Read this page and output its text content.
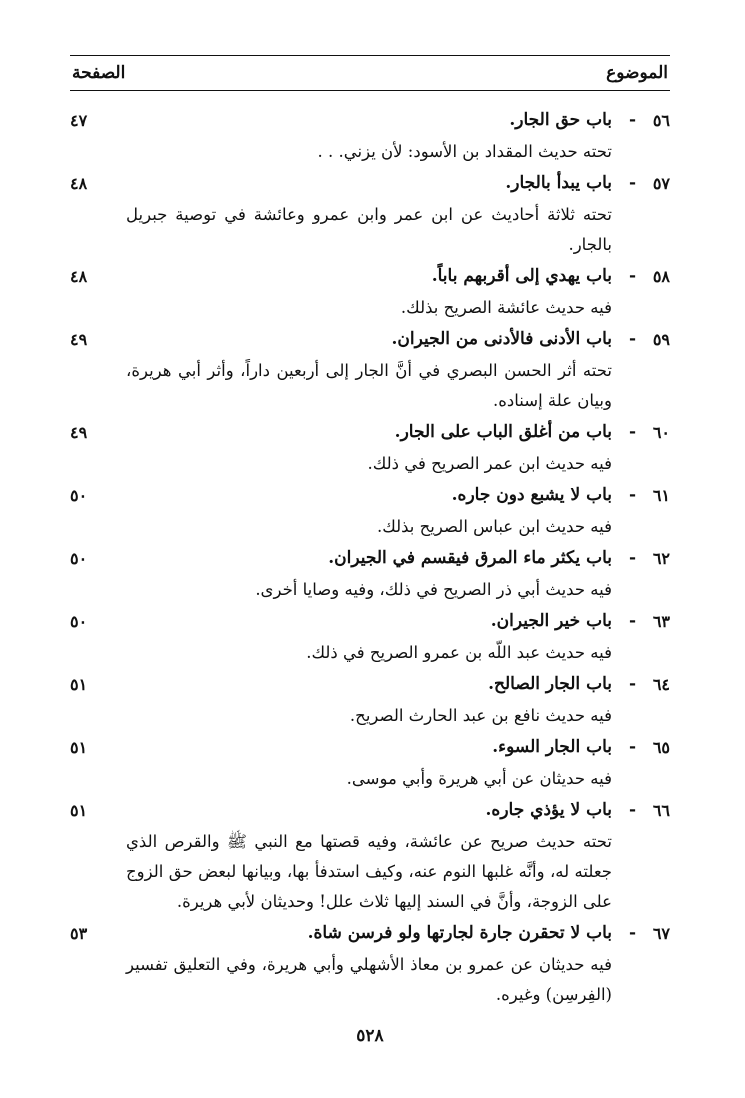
الموضوع
الصفحة
٥٦
-
باب حق الجار.
٤٧
تحته حديث المقداد بن الأسود: لأن يزني. . .
٥٧
-
باب يبدأ بالجار.
٤٨
تحته ثلاثة أحاديث عن ابن عمر وابن عمرو وعائشة في توصية جبريل بالجار.
٥٨
-
باب يهدي إلى أقربهم باباً.
٤٨
فيه حديث عائشة الصريح بذلك.
٥٩
-
باب الأدنى فالأدنى من الجيران.
٤٩
تحته أثر الحسن البصري في أنَّ الجار إلى أربعين داراً، وأثر أبي هريرة، وبيان علة إسناده.
٦٠
-
باب من أغلق الباب على الجار.
٤٩
فيه حديث ابن عمر الصريح في ذلك.
٦١
-
باب لا يشبع دون جاره.
٥٠
فيه حديث ابن عباس الصريح بذلك.
٦٢
-
باب يكثر ماء المرق فيقسم في الجيران.
٥٠
فيه حديث أبي ذر الصريح في ذلك، وفيه وصايا أخرى.
٦٣
-
باب خير الجيران.
٥٠
فيه حديث عبد اللّه بن عمرو الصريح في ذلك.
٦٤
-
باب الجار الصالح.
٥١
فيه حديث نافع بن عبد الحارث الصريح.
٦٥
-
باب الجار السوء.
٥١
فيه حديثان عن أبي هريرة وأبي موسى.
٦٦
-
باب لا يؤذي جاره.
٥١
تحته حديث صريح عن عائشة، وفيه قصتها مع النبي ﷺ والقرص الذي جعلته له، وأنَّه غلبها النوم عنه، وكيف استدفأ بها، وبيانها لبعض حق الزوج على الزوجة، وأنَّ في السند إليها ثلاث علل! وحديثان لأبي هريرة.
٦٧
-
باب لا تحقرن جارة لجارتها ولو فرسن شاة.
٥٣
فيه حديثان عن عمرو بن معاذ الأشهلي وأبي هريرة، وفي التعليق تفسير (الفِرسِن) وغيره.
٥٢٨
